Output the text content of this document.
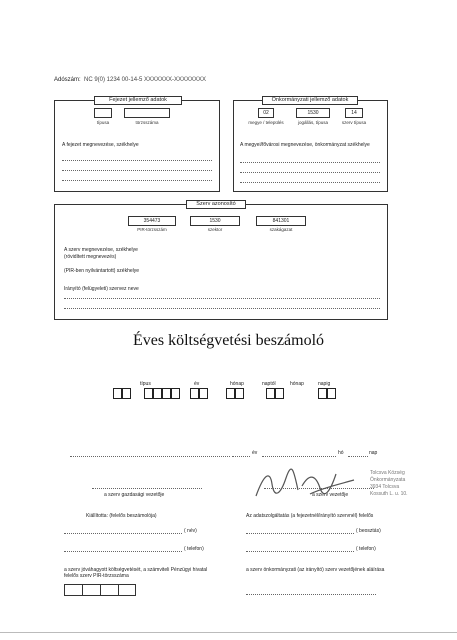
Adószám: NC 9(0) 1234 00-14-5 XXXXXXX-XXXXXXXX
Fejezet jellemző adatok
típusa	törzsszáma
A fejezet megnevezése, székhelye
Önkormányzati jellemző adatok
02	1530	14
megye / település	jogállás, típusa	szerv típusa
A megyei/fővárosi megnevezése, önkormányzat székhelye
Szerv azonosító
354473	1530	841301
PIR-törzsszám	szektor	szakágazat
A szerv megnevezése, székhelye
(rövidített megnevezés)
(PIR-ben nyilvántartott) székhelye
Irányító (felügyeleti) szervez neve
Éves költségvetési beszámoló
típus	év	hónap	naptól	hónap	napig
év	hó	nap
a szerv gazdasági vezetője	a szerv vezetője
Tolcsva Község
Önkormányzata
3934 Tolcsva
Kossuth L. u. 10.
Kiállította: (felelős beszámolója)
( név)
( telefon)
Az adatszolgáltatás (a fejezetnél/irányító szervnél) felelős
( beosztás)
( telefon)
a szerv jóváhagyott költségvetését, a számviteli Pénzügyi hivatal felelős szerv PIR-törzsszáma
a szerv önkormányzati (az irányító) szerv vezetőjének aláírása
